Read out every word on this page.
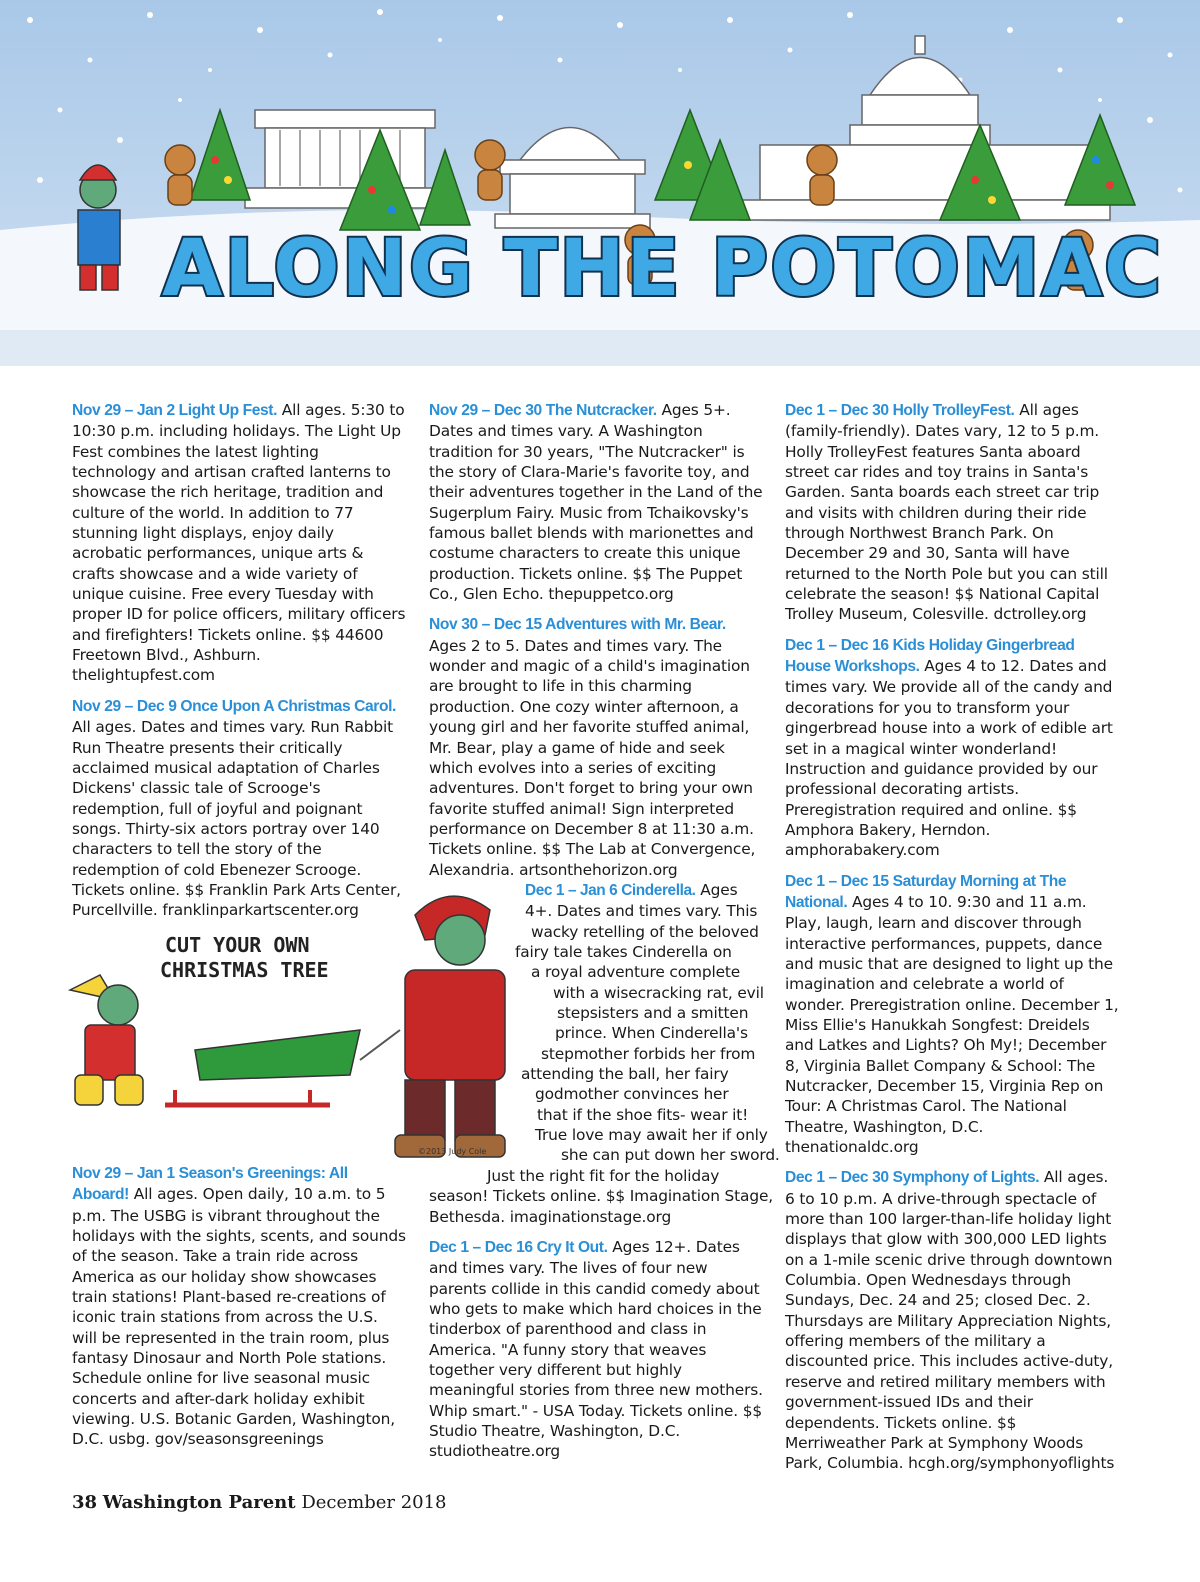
ALONG THE POTOMAC

Nov 29 – Jan 2 Light Up Fest. All ages. 5:30 to 10:30 p.m. including holidays. The Light Up Fest combines the latest lighting technology and artisan crafted lanterns to showcase the rich heritage, tradition and culture of the world. In addition to 77 stunning light displays, enjoy daily acrobatic performances, unique arts & crafts showcase and a wide variety of unique cuisine. Free every Tuesday with proper ID for police officers, military officers and firefighters! Tickets online. $$ 44600 Freetown Blvd., Ashburn. thelightupfest.com

Nov 29 – Dec 9 Once Upon A Christmas Carol. All ages. Dates and times vary. Run Rabbit Run Theatre presents their critically acclaimed musical adaptation of Charles Dickens' classic tale of Scrooge's redemption, full of joyful and poignant songs. Thirty-six actors portray over 140 characters to tell the story of the redemption of cold Ebenezer Scrooge. Tickets online. $$ Franklin Park Arts Center, Purcellville. franklinparkartscenter.org

CUT YOUR OWN
CHRISTMAS TREE
©2013 Judy Cole

Nov 29 – Jan 1 Season's Greenings: All Aboard! All ages. Open daily, 10 a.m. to 5 p.m. The USBG is vibrant throughout the holidays with the sights, scents, and sounds of the season. Take a train ride across America as our holiday show showcases train stations! Plant-based re-creations of iconic train stations from across the U.S. will be represented in the train room, plus fantasy Dinosaur and North Pole stations. Schedule online for live seasonal music concerts and after-dark holiday exhibit viewing. U.S. Botanic Garden, Washington, D.C. usbg. gov/seasonsgreenings

Nov 29 – Dec 30 The Nutcracker. Ages 5+. Dates and times vary. A Washington tradition for 30 years, "The Nutcracker" is the story of Clara-Marie's favorite toy, and their adventures together in the Land of the Sugerplum Fairy. Music from Tchaikovsky's famous ballet blends with marionettes and costume characters to create this unique production. Tickets online. $$ The Puppet Co., Glen Echo. thepuppetco.org

Nov 30 – Dec 15 Adventures with Mr. Bear. Ages 2 to 5. Dates and times vary. The wonder and magic of a child's imagination are brought to life in this charming production. One cozy winter afternoon, a young girl and her favorite stuffed animal, Mr. Bear, play a game of hide and seek which evolves into a series of exciting adventures. Don't forget to bring your own favorite stuffed animal! Sign interpreted performance on December 8 at 11:30 a.m. Tickets online. $$ The Lab at Convergence, Alexandria. artsonthehorizon.org

Dec 1 – Jan 6 Cinderella. Ages
4+. Dates and times vary. This
wacky retelling of the beloved
fairy tale takes Cinderella on
a royal adventure complete
with a wisecracking rat, evil
stepsisters and a smitten
prince. When Cinderella's
stepmother forbids her from
attending the ball, her fairy
godmother convinces her
that if the shoe fits- wear it!
True love may await her if only
she can put down her sword.
Just the right fit for the holiday
season! Tickets online. $$ Imagination Stage,
Bethesda. imaginationstage.org

Dec 1 – Dec 16 Cry It Out. Ages 12+. Dates and times vary. The lives of four new parents collide in this candid comedy about who gets to make which hard choices in the tinderbox of parenthood and class in America. "A funny story that weaves together very different but highly meaningful stories from three new mothers. Whip smart." - USA Today. Tickets online. $$ Studio Theatre, Washington, D.C. studiotheatre.org

Dec 1 – Dec 30 Holly TrolleyFest. All ages (family-friendly). Dates vary, 12 to 5 p.m. Holly TrolleyFest features Santa aboard street car rides and toy trains in Santa's Garden. Santa boards each street car trip and visits with children during their ride through Northwest Branch Park. On December 29 and 30, Santa will have returned to the North Pole but you can still celebrate the season! $$ National Capital Trolley Museum, Colesville. dctrolley.org

Dec 1 – Dec 16 Kids Holiday Gingerbread House Workshops. Ages 4 to 12. Dates and times vary. We provide all of the candy and decorations for you to transform your gingerbread house into a work of edible art set in a magical winter wonderland! Instruction and guidance provided by our professional decorating artists. Preregistration required and online. $$ Amphora Bakery, Herndon. amphorabakery.com

Dec 1 – Dec 15 Saturday Morning at The National. Ages 4 to 10. 9:30 and 11 a.m. Play, laugh, learn and discover through interactive performances, puppets, dance and music that are designed to light up the imagination and celebrate a world of wonder. Preregistration online. December 1, Miss Ellie's Hanukkah Songfest: Dreidels and Latkes and Lights? Oh My!; December 8, Virginia Ballet Company & School: The Nutcracker, December 15, Virginia Rep on Tour: A Christmas Carol. The National Theatre, Washington, D.C. thenationaldc.org

Dec 1 – Dec 30 Symphony of Lights. All ages. 6 to 10 p.m. A drive-through spectacle of more than 100 larger-than-life holiday light displays that glow with 300,000 LED lights on a 1-mile scenic drive through downtown Columbia. Open Wednesdays through Sundays, Dec. 24 and 25; closed Dec. 2. Thursdays are Military Appreciation Nights, offering members of the military a discounted price. This includes active-duty, reserve and retired military members with government-issued IDs and their dependents. Tickets online. $$ Merriweather Park at Symphony Woods Park, Columbia. hcgh.org/symphonyoflights

38 Washington Parent December 2018
